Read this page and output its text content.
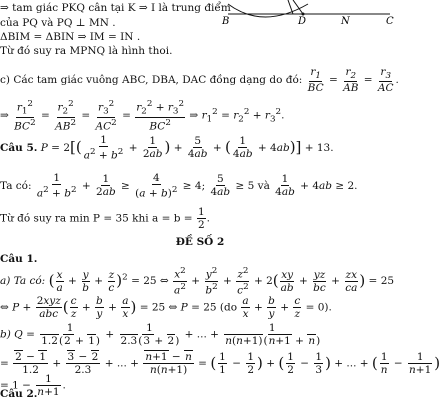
B	D	N	C
⇒ tam giác PKQ cân tại K ⇒ I là trung điểm
của PQ và PQ ⊥ MN .
ΔBIM = ΔBIN ⇒ IM = IN .
Từ đó suy ra MPNQ là hình thoi.
c) Các tam giác vuông ABC, DBA, DAC đồng dạng do đó: $\frac{r_1}{BC} = \frac{r_2}{AB} = \frac{r_3}{AC}$ .
⇒ $\frac{r_1^2}{BC^2} = \frac{r_2^2}{AB^2} = \frac{r_3^2}{AC^2} = \frac{r_2^2 + r_3^2}{BC^2}$ ⇒ $r_1^2 = r_2^2 + r_3^2$.
Câu 5. $P = 2[( \frac{1}{a^2 + b^2} + \frac{1}{2ab}$ ) + $\frac{5}{4ab}$ + ( $\frac{1}{4ab} + 4ab)] + 13$.
Ta có: $\frac{1}{a^2 + b^2} + \frac{1}{2ab} \ge \frac{4}{(a + b)^2} \ge 4$; $\frac{5}{4ab} \ge 5$ và $\frac{1}{4ab} + 4ab \ge 2$.
Từ đó suy ra min P = 35 khi $a = b = \frac{1}{2}$ .
ĐỀ SỐ 2
Câu 1.
a) Ta có: ( $\frac{x}{a} + \frac{y}{b} + \frac{z}{c} )^2 = 25$ ⇔ $\frac{x^2}{a^2} + \frac{y^2}{b^2} + \frac{z^2}{c^2} + 2( \frac{xy}{ab} + \frac{yz}{bc} + \frac{zx}{ca}$ ) = 25
⇔ $P + \frac{\text{2xyz}}{\text{abc}}$ ( $\frac{c}{z} + \frac{b}{y} + \frac{a}{x}$ ) = 25 ⇔ P = 25 $(do \frac{a}{x} + \frac{b}{y} + \frac{c}{z} = 0)$.
b) $Q = \frac{1}{1.2(2 + 1)} + \frac{1}{2.3(3 + 2)}$ + ... + $\frac{1}{n(n+1)(n+1 + n)}$
= $\frac{2 - 1}{1.2} + \frac{3 - 2}{2.3}$ + ... + $\frac{n+1 - n}{n(n+1)}$ = ( $\frac{1}{1} - \frac{1}{2}$ ) + ( $\frac{1}{2} - \frac{1}{3}$ ) + ... + ( $\frac{1}{n} - \frac{1}{n+1}$ )
= $1 - \frac{1}{n+1}$ .
Câu 2.
